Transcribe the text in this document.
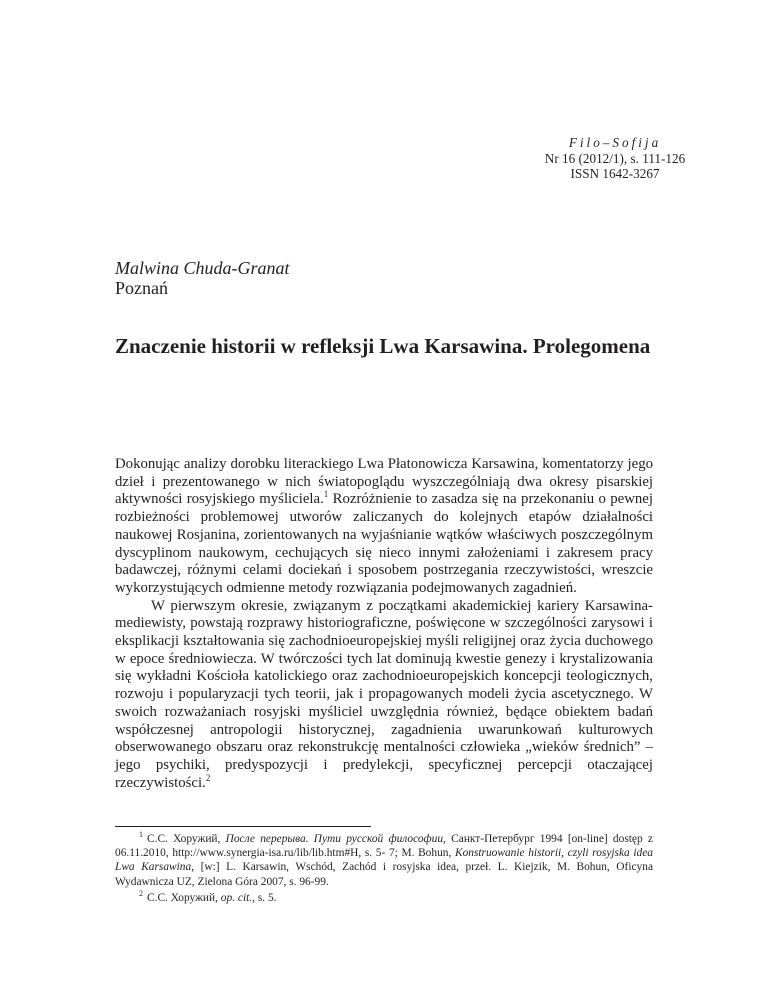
Filo–Sofija
Nr 16 (2012/1), s. 111-126
ISSN 1642-3267
Malwina Chuda-Granat
Poznań
Znaczenie historii w refleksji Lwa Karsawina. Prolegomena

Dokonując analizy dorobku literackiego Lwa Płatonowicza Karsawina, komentatorzy jego dzieł i prezentowanego w nich światopoglądu wyszczególniają dwa okresy pisarskiej aktywności rosyjskiego myśliciela.$^1$ Rozróżnienie to zasadza się na przekonaniu o pewnej rozbieżności problemowej utworów zaliczanych do kolejnych etapów działalności naukowej Rosjanina, zorientowanych na wyjaśnianie wątków właściwych poszczególnym dyscyplinom naukowym, cechujących się nieco innymi założeniami i zakresem pracy badawczej, różnymi celami dociekań i sposobem postrzegania rzeczywistości, wreszcie wykorzystujących odmienne metody rozwiązania podejmowanych zagadnień.

W pierwszym okresie, związanym z początkami akademickiej kariery Karsawina-mediewisty, powstają rozprawy historiograficzne, poświęcone w szczególności zarysowi i eksplikacji kształtowania się zachodnioeuropejskiej myśli religijnej oraz życia duchowego w epoce średniowiecza. W twórczości tych lat dominują kwestie genezy i krystalizowania się wykładni Kościoła katolickiego oraz zachodnioeuropejskich koncepcji teologicznych, rozwoju i popularyzacji tych teorii, jak i propagowanych modeli życia ascetycznego. W swoich rozważaniach rosyjski myśliciel uwzględnia również, będące obiektem badań współczesnej antropologii historycznej, zagadnienia uwarunkowań kulturowych obserwowanego obszaru oraz rekonstrukcję mentalności człowieka „wieków średnich” – jego psychiki, predyspozycji i predylekcji, specyficznej percepcji otaczającej rzeczywistości.$^2$

$^1$ С.С. Хоружий, После перерыва. Пути русской философии, Санкт-Петербург 1994 [on-line] dostęp z 06.11.2010, http://www.synergia-isa.ru/lib/lib.htm#H, s. 5- 7; M. Bohun, Konstruowanie historii, czyli rosyjska idea Lwa Karsawina, [w:] L. Karsawin, Wschód, Zachód i rosyjska idea, przeł. L. Kiejzik, M. Bohun, Oficyna Wydawnicza UZ, Zielona Góra 2007, s. 96-99.

$^2$ С.С. Хоружий, op. cit., s. 5.
